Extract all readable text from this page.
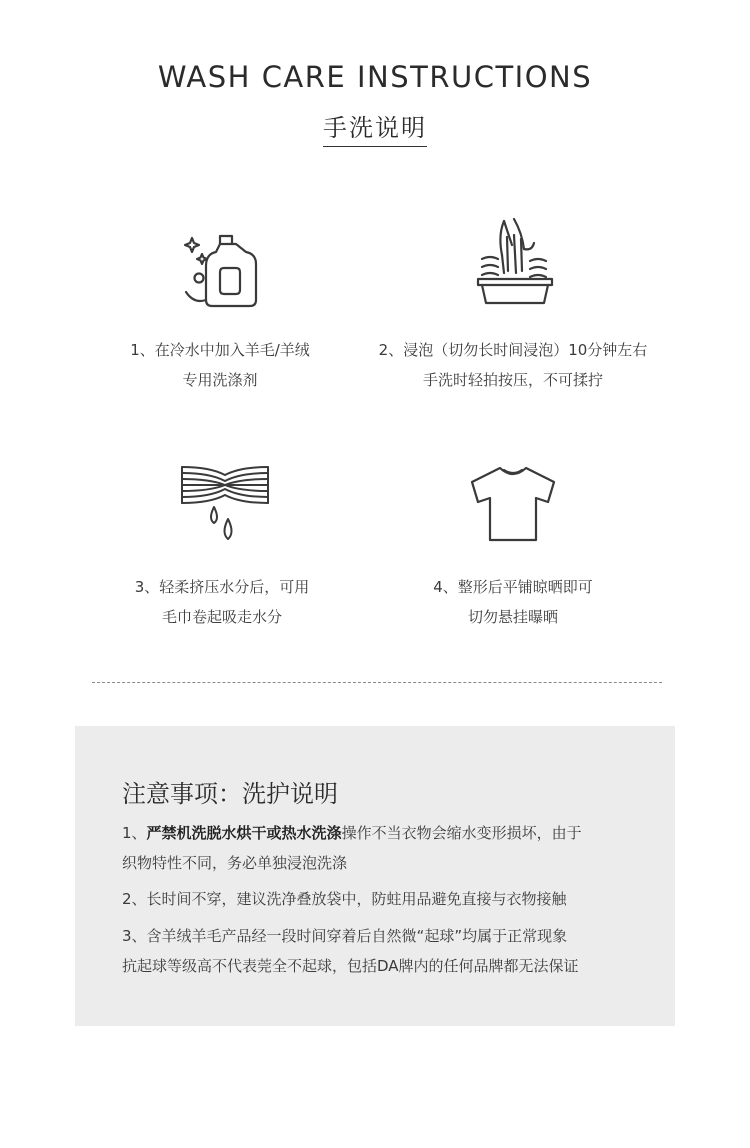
WASH CARE INSTRUCTIONS
手洗说明
1、在冷水中加入羊毛/羊绒
专用洗涤剂
2、浸泡（切勿长时间浸泡）10分钟左右
手洗时轻拍按压，不可揉拧
3、轻柔挤压水分后，可用
毛巾卷起吸走水分
4、整形后平铺晾晒即可
切勿悬挂曝晒
注意事项：洗护说明
1、严禁机洗脱水烘干或热水洗涤操作不当衣物会缩水变形损坏，由于
织物特性不同，务必单独浸泡洗涤
2、长时间不穿，建议洗净叠放袋中，防蛀用品避免直接与衣物接触
3、含羊绒羊毛产品经一段时间穿着后自然微“起球”均属于正常现象
抗起球等级高不代表莞全不起球，包括DA牌内的任何品牌都无法保证
